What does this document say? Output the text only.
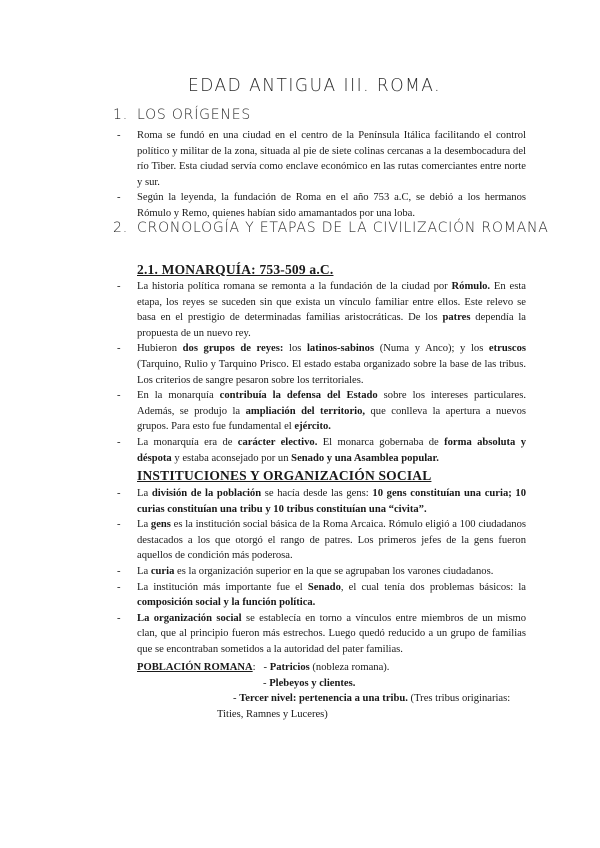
EDAD ANTIGUA III. ROMA.
1. LOS ORÍGENES
- Roma se fundó en una ciudad en el centro de la Península Itálica facilitando el control político y militar de la zona, situada al pie de siete colinas cercanas a la desembocadura del río Tiber. Esta ciudad servía como enclave económico en las rutas comerciantes entre norte y sur.
- Según la leyenda, la fundación de Roma en el año 753 a.C, se debió a los hermanos Rómulo y Remo, quienes habían sido amamantados por una loba.
2. CRONOLOGÍA Y ETAPAS DE LA CIVILIZACIÓN ROMANA
2.1. MONARQUÍA: 753-509 a.C.
- La historia política romana se remonta a la fundación de la ciudad por Rómulo. En esta etapa, los reyes se suceden sin que exista un vínculo familiar entre ellos. Este relevo se basa en el prestigio de determinadas familias aristocráticas. De los patres dependía la propuesta de un nuevo rey.
- Hubieron dos grupos de reyes: los latinos-sabinos (Numa y Anco); y los etruscos (Tarquino, Rulio y Tarquino Prisco. El estado estaba organizado sobre la base de las tribus. Los criterios de sangre pesaron sobre los territoriales.
- En la monarquía contribuía la defensa del Estado sobre los intereses particulares. Además, se produjo la ampliación del territorio, que conlleva la apertura a nuevos grupos. Para esto fue fundamental el ejército.
- La monarquía era de carácter electivo. El monarca gobernaba de forma absoluta y déspota y estaba aconsejado por un Senado y una Asamblea popular.
INSTITUCIONES Y ORGANIZACIÓN SOCIAL
- La división de la población se hacía desde las gens: 10 gens constituían una curia; 10 curias constituían una tribu y 10 tribus constituían una “civita”.
- La gens es la institución social básica de la Roma Arcaica. Rómulo eligió a 100 ciudadanos destacados a los que otorgó el rango de patres. Los primeros jefes de la gens fueron aquellos de condición más poderosa.
- La curia es la organización superior en la que se agrupaban los varones ciudadanos.
- La institución más importante fue el Senado, el cual tenía dos problemas básicos: la composición social y la función política.
- La organización social se establecía en torno a vínculos entre miembros de un mismo clan, que al principio fueron más estrechos. Luego quedó reducido a un grupo de familias que se encontraban sometidos a la autoridad del pater familias.
POBLACIÓN ROMANA:   - Patricios (nobleza romana).
- Plebeyos y clientes.
- Tercer nivel: pertenencia a una tribu. (Tres tribus originarias:
Tities, Ramnes y Luceres)
